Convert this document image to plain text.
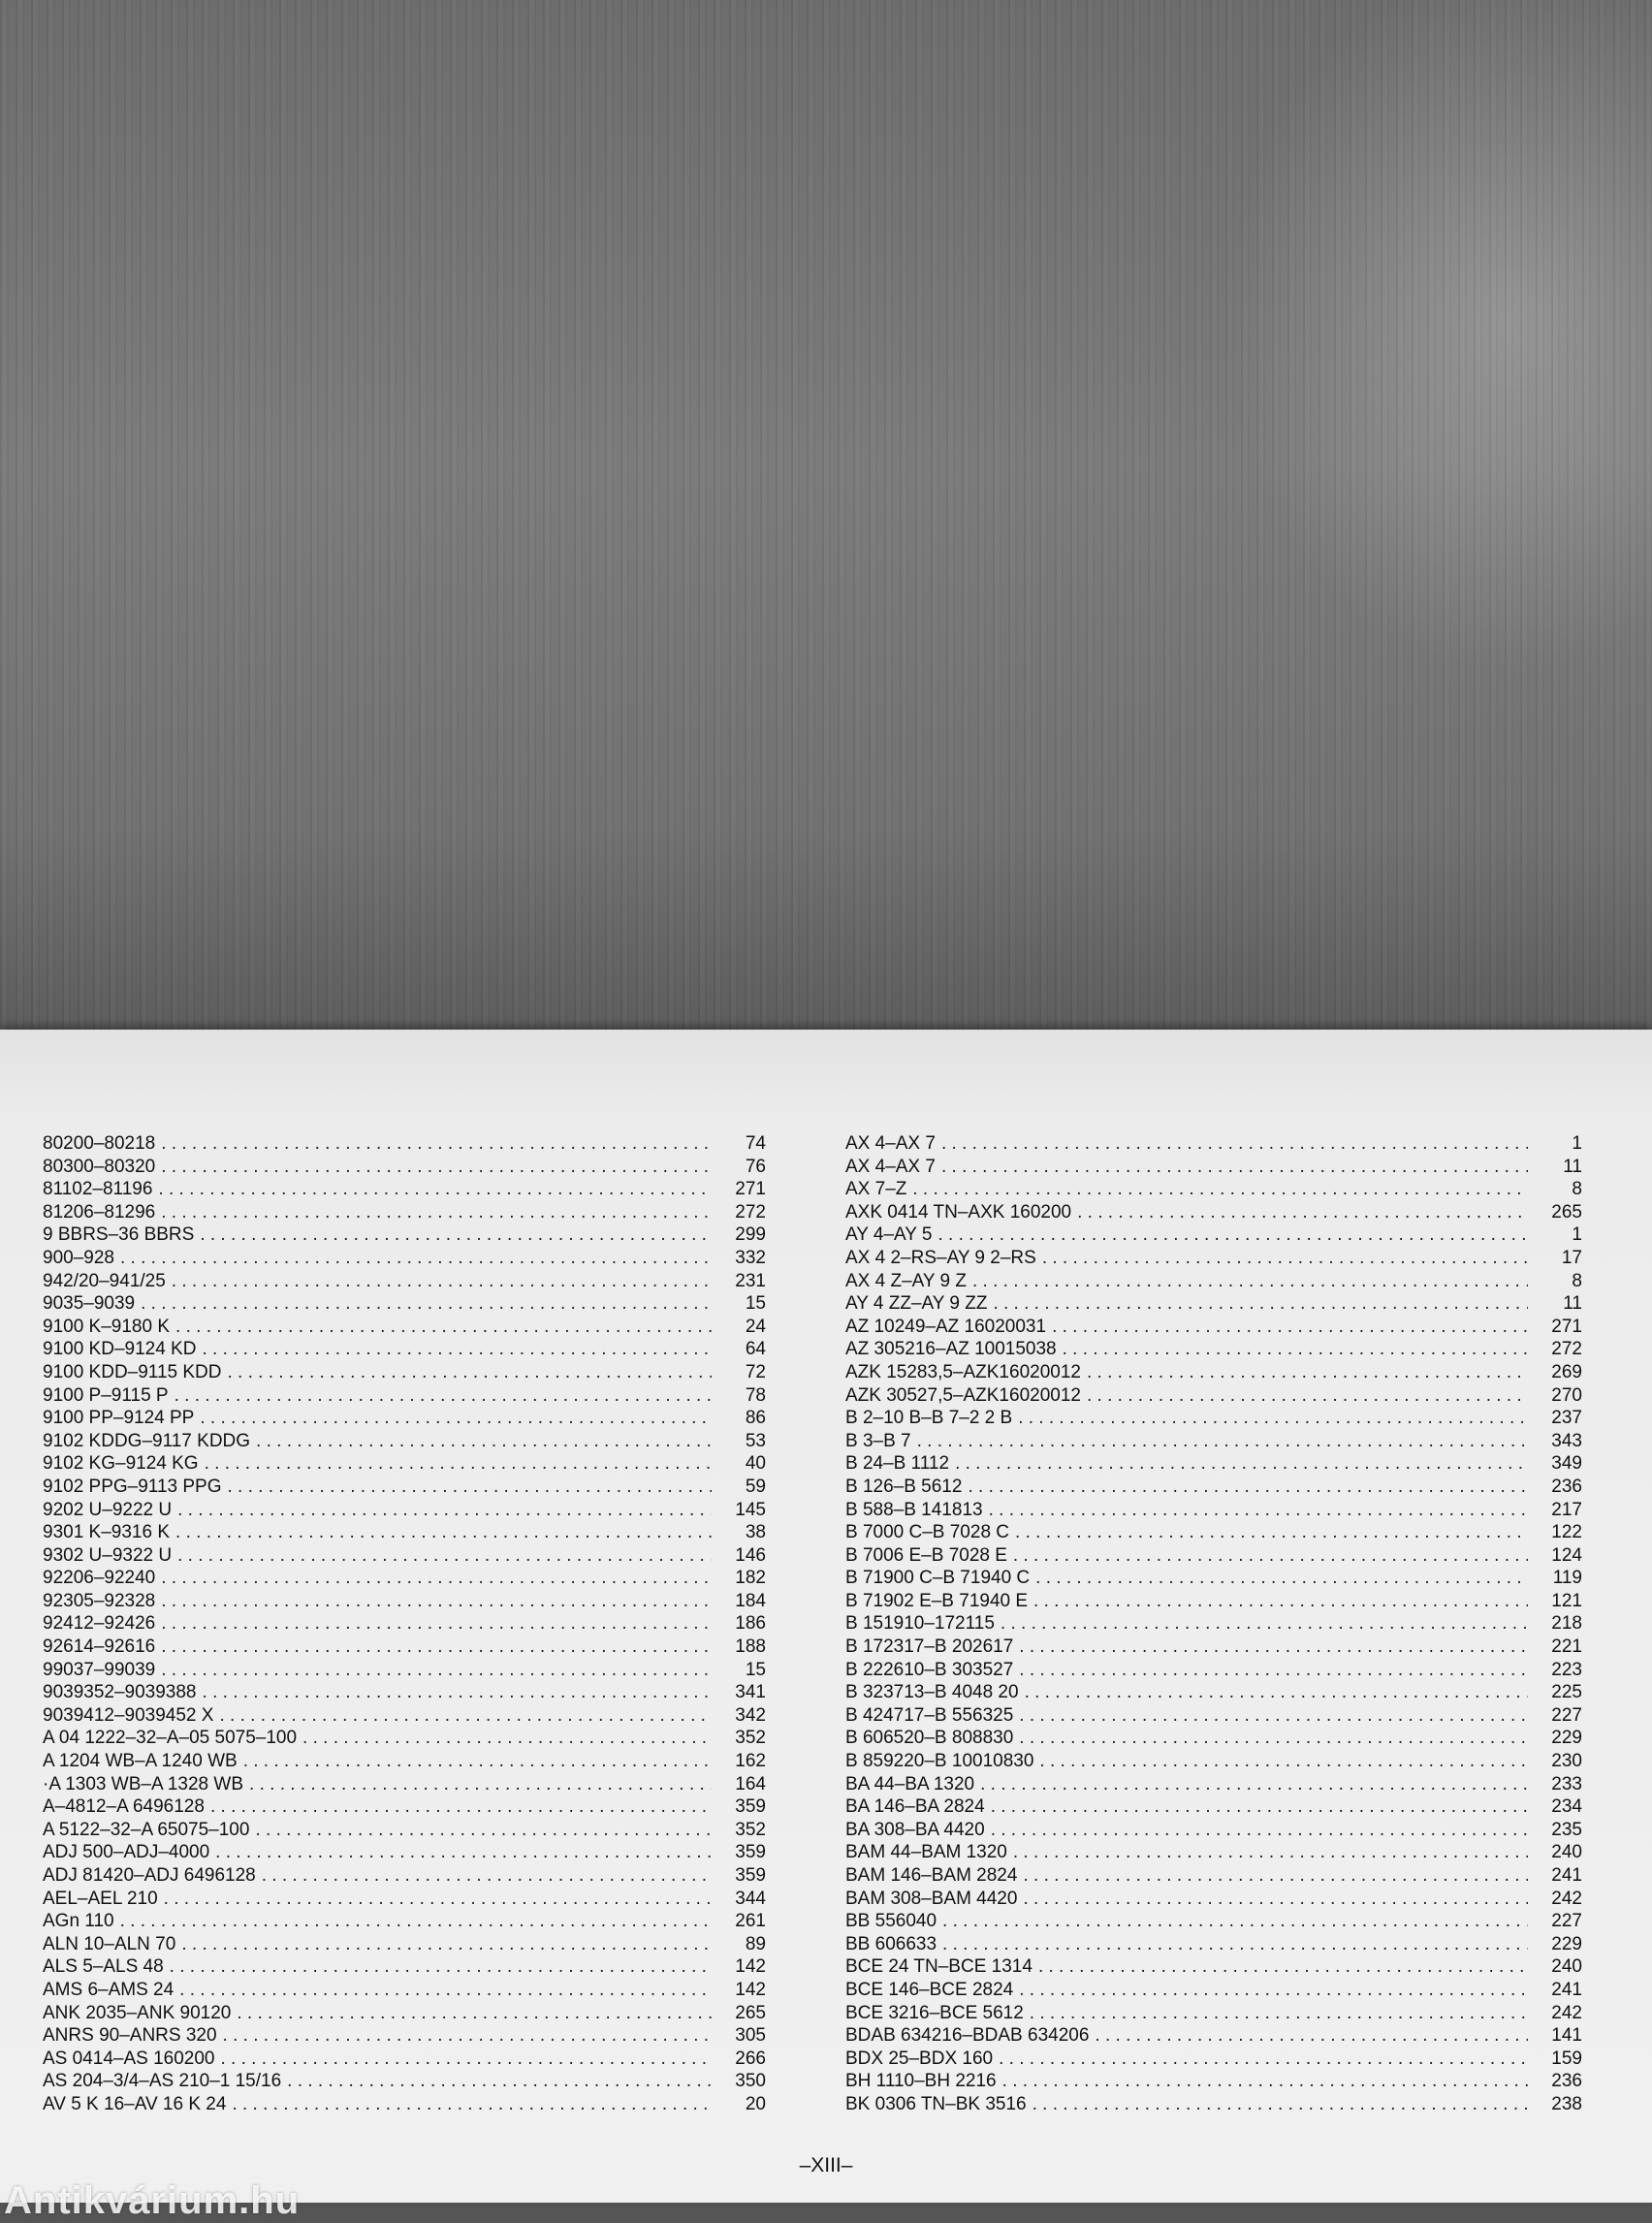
80200–80218 . . .	74
80300–80320 . . .	76
81102–81196 . . .	271
81206–81296 . . .	272
9 BBRS–36 BBRS . . .	299
900–928 . . .	332
942/20–941/25 . . .	231
9035–9039 . . .	15
9100 K–9180 K . . .	24
9100 KD–9124 KD . . .	64
9100 KDD–9115 KDD . . .	72
9100 P–9115 P . . .	78
9100 PP–9124 PP . . .	86
9102 KDDG–9117 KDDG . . .	53
9102 KG–9124 KG . . .	40
9102 PPG–9113 PPG . . .	59
9202 U–9222 U . . .	145
9301 K–9316 K . . .	38
9302 U–9322 U . . .	146
92206–92240 . . .	182
92305–92328 . . .	184
92412–92426 . . .	186
92614–92616 . . .	188
99037–99039 . . .	15
9039352–9039388 . . .	341
9039412–9039452 X . . .	342
A 04 1222–32–A–05 5075–100 . . .	352
A 1204 WB–A 1240 WB . . .	162
·A 1303 WB–A 1328 WB . . .	164
A–4812–A 6496128 . . .	359
A 5122–32–A 65075–100 . . .	352
ADJ 500–ADJ–4000 . . .	359
ADJ 81420–ADJ 6496128 . . .	359
AEL–AEL 210 . . .	344
AGn 110 . . .	261
ALN 10–ALN 70 . . .	89
ALS 5–ALS 48 . . .	142
AMS 6–AMS 24 . . .	142
ANK 2035–ANK 90120 . . .	265
ANRS 90–ANRS 320 . . .	305
AS 0414–AS 160200 . . .	266
AS 204–3/4–AS 210–1 15/16 . . .	350
AV 5 K 16–AV 16 K 24 . . .	20
AX 4–AX 7 . . .	1
AX 4–AX 7 . . .	11
AX 7–Z . . .	8
AXK 0414 TN–AXK 160200 . . .	265
AY 4–AY 5 . . .	1
AX 4 2–RS–AY 9 2–RS . . .	17
AX 4 Z–AY 9 Z . . .	8
AY 4 ZZ–AY 9 ZZ . . .	11
AZ 10249–AZ 16020031 . . .	271
AZ 305216–AZ 10015038 . . .	272
AZK 15283,5–AZK16020012 . . .	269
AZK 30527,5–AZK16020012 . . .	270
B 2–10 B–B 7–2 2 B . . .	237
B 3–B 7 . . .	343
B 24–B 1112 . . .	349
B 126–B 5612 . . .	236
B 588–B 141813 . . .	217
B 7000 C–B 7028 C . . .	122
B 7006 E–B 7028 E . . .	124
B 71900 C–B 71940 C . . .	119
B 71902 E–B 71940 E . . .	121
B 151910–172115 . . .	218
B 172317–B 202617 . . .	221
B 222610–B 303527 . . .	223
B 323713–B 4048 20 . . .	225
B 424717–B 556325 . . .	227
B 606520–B 808830 . . .	229
B 859220–B 10010830 . . .	230
BA 44–BA 1320 . . .	233
BA 146–BA 2824 . . .	234
BA 308–BA 4420 . . .	235
BAM 44–BAM 1320 . . .	240
BAM 146–BAM 2824 . . .	241
BAM 308–BAM 4420 . . .	242
BB 556040 . . .	227
BB 606633 . . .	229
BCE 24 TN–BCE 1314 . . .	240
BCE 146–BCE 2824 . . .	241
BCE 3216–BCE 5612 . . .	242
BDAB 634216–BDAB 634206 . . .	141
BDX 25–BDX 160 . . .	159
BH 1110–BH 2216 . . .	236
BK 0306 TN–BK 3516 . . .	238
–XIII–
Antikvárium.hu
